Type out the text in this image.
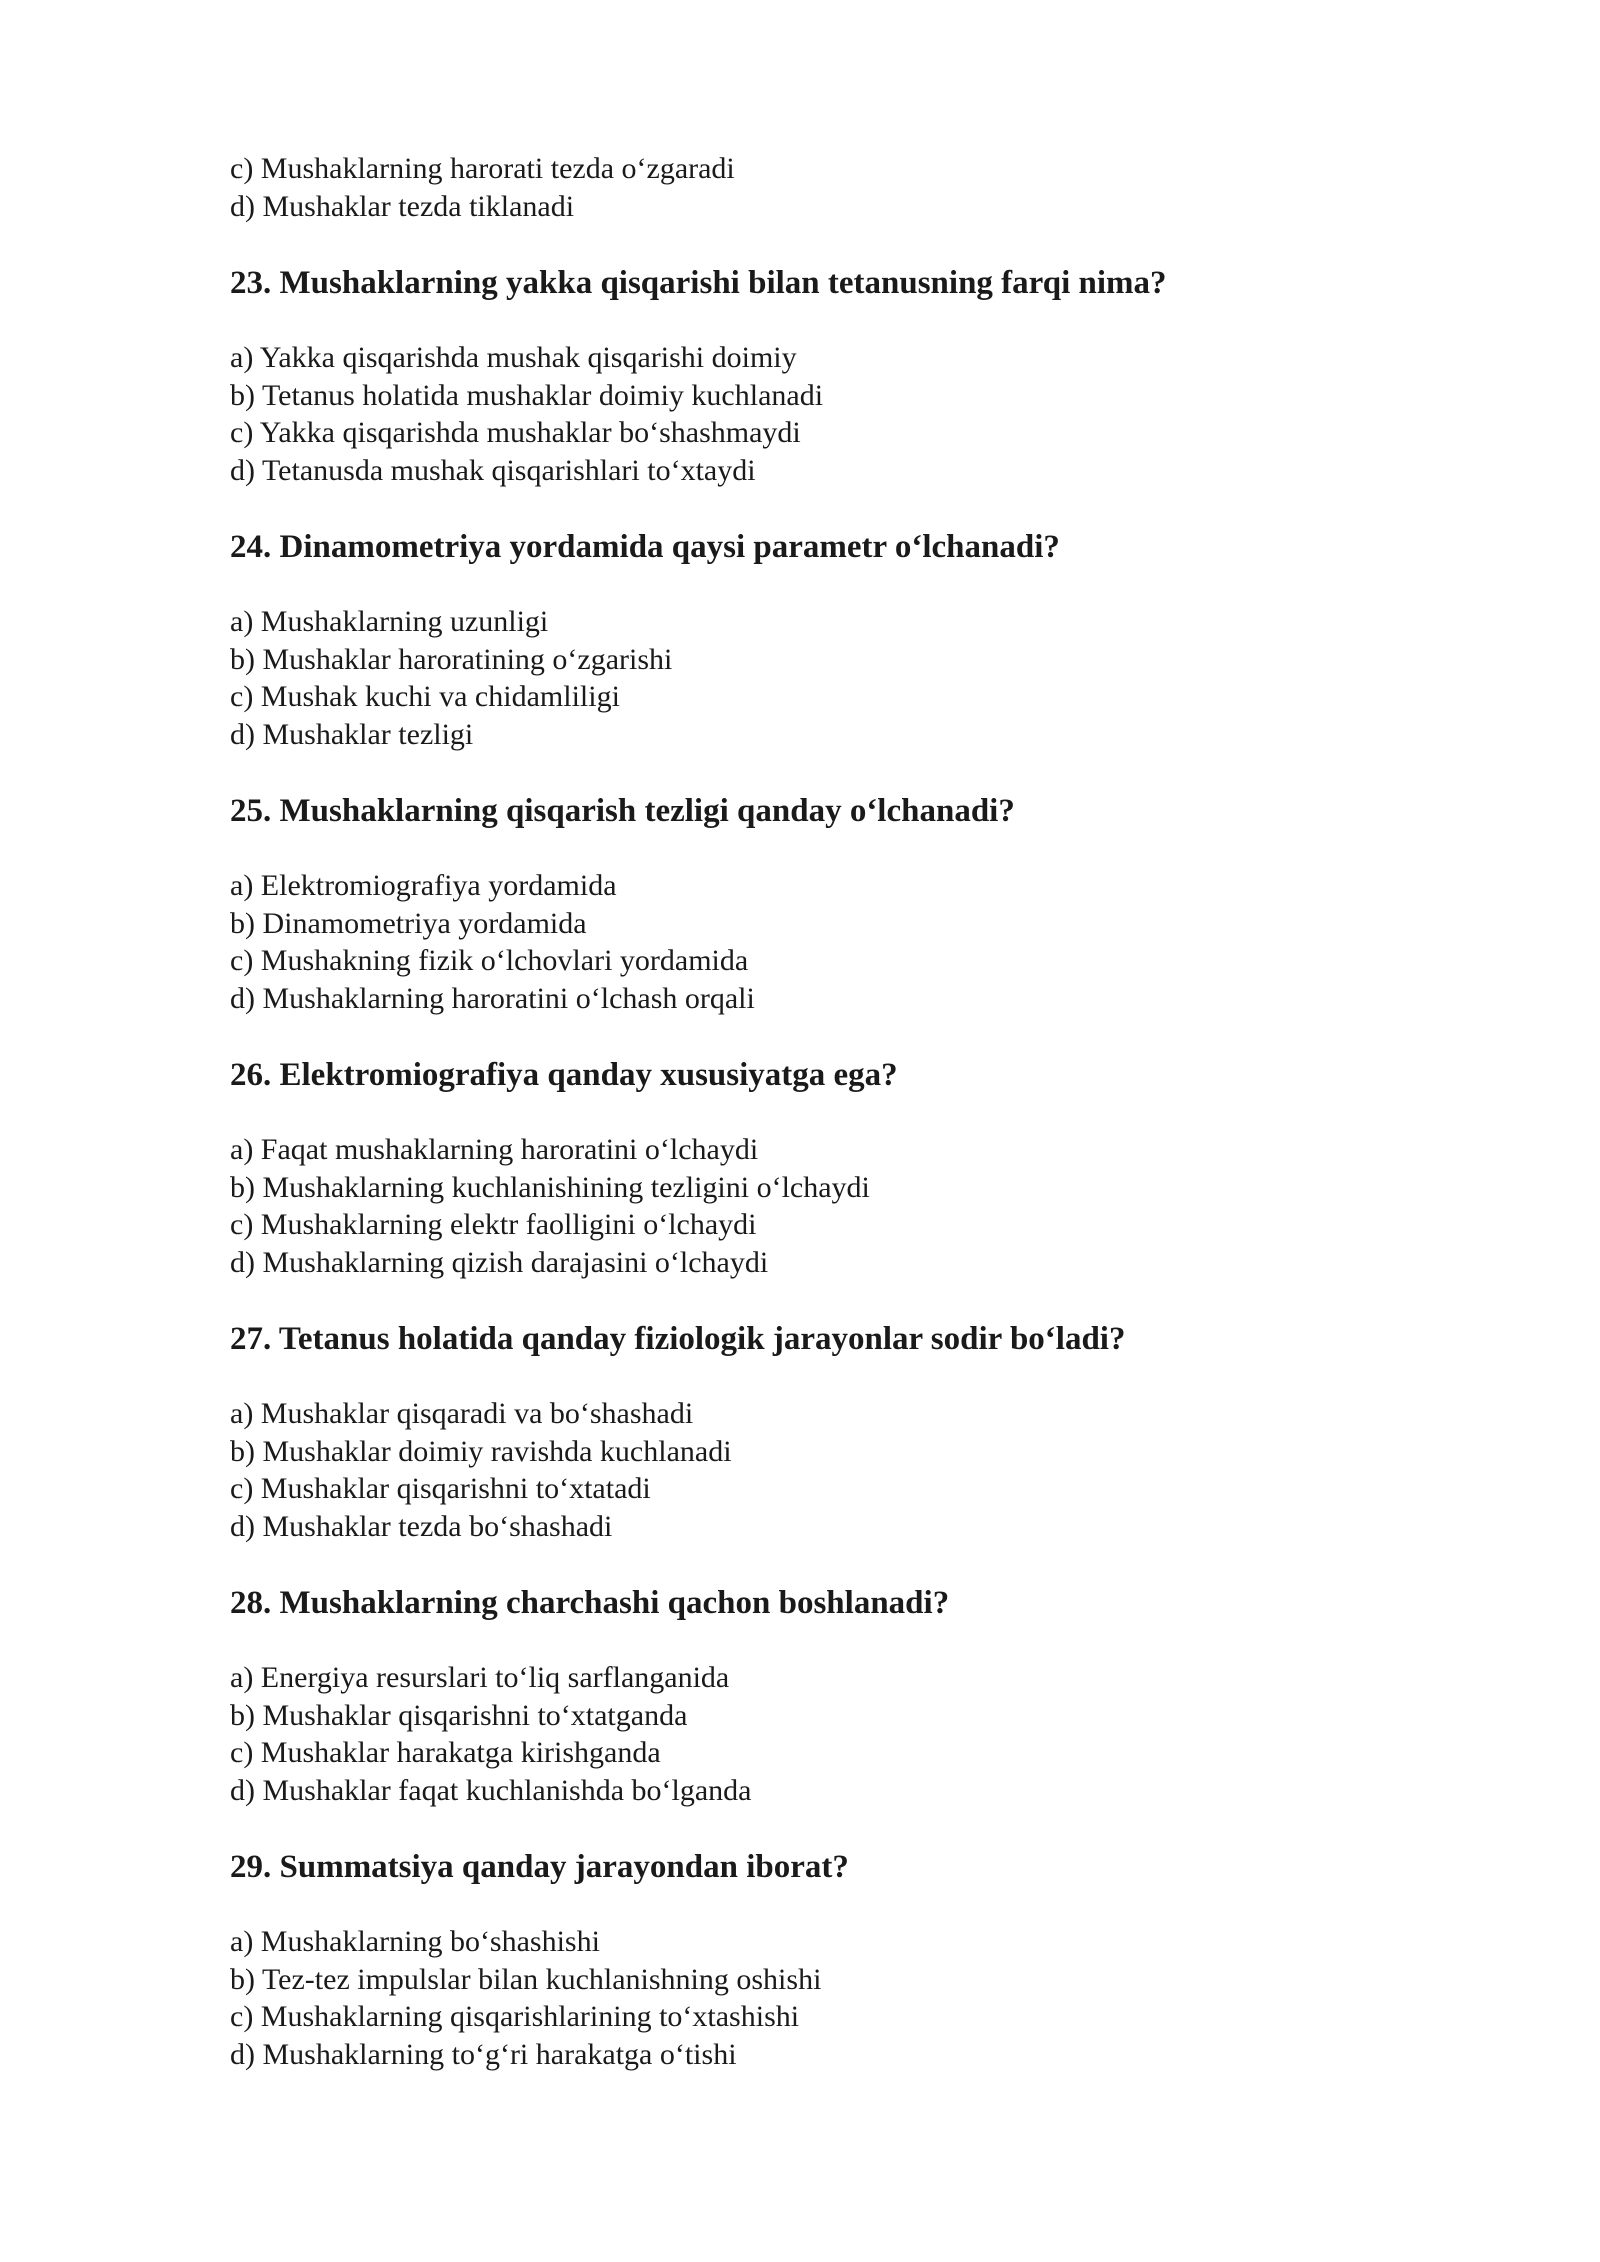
c) Mushaklarning harorati tezda o‘zgaradi
d) Mushaklar tezda tiklanadi
23. Mushaklarning yakka qisqarishi bilan tetanusning farqi nima?
a) Yakka qisqarishda mushak qisqarishi doimiy
b) Tetanus holatida mushaklar doimiy kuchlanadi
c) Yakka qisqarishda mushaklar bo‘shashmaydi
d) Tetanusda mushak qisqarishlari to‘xtaydi
24. Dinamometriya yordamida qaysi parametr o‘lchanadi?
a) Mushaklarning uzunligi
b) Mushaklar haroratining o‘zgarishi
c) Mushak kuchi va chidamliligi
d) Mushaklar tezligi
25. Mushaklarning qisqarish tezligi qanday o‘lchanadi?
a) Elektromiografiya yordamida
b) Dinamometriya yordamida
c) Mushakning fizik o‘lchovlari yordamida
d) Mushaklarning haroratini o‘lchash orqali
26. Elektromiografiya qanday xususiyatga ega?
a) Faqat mushaklarning haroratini o‘lchaydi
b) Mushaklarning kuchlanishining tezligini o‘lchaydi
c) Mushaklarning elektr faolligini o‘lchaydi
d) Mushaklarning qizish darajasini o‘lchaydi
27. Tetanus holatida qanday fiziologik jarayonlar sodir bo‘ladi?
a) Mushaklar qisqaradi va bo‘shashadi
b) Mushaklar doimiy ravishda kuchlanadi
c) Mushaklar qisqarishni to‘xtatadi
d) Mushaklar tezda bo‘shashadi
28. Mushaklarning charchashi qachon boshlanadi?
a) Energiya resurslari to‘liq sarflanganida
b) Mushaklar qisqarishni to‘xtatganda
c) Mushaklar harakatga kirishganda
d) Mushaklar faqat kuchlanishda bo‘lganda
29. Summatsiya qanday jarayondan iborat?
a) Mushaklarning bo‘shashishi
b) Tez-tez impulslar bilan kuchlanishning oshishi
c) Mushaklarning qisqarishlarining to‘xtashishi
d) Mushaklarning to‘g‘ri harakatga o‘tishi
